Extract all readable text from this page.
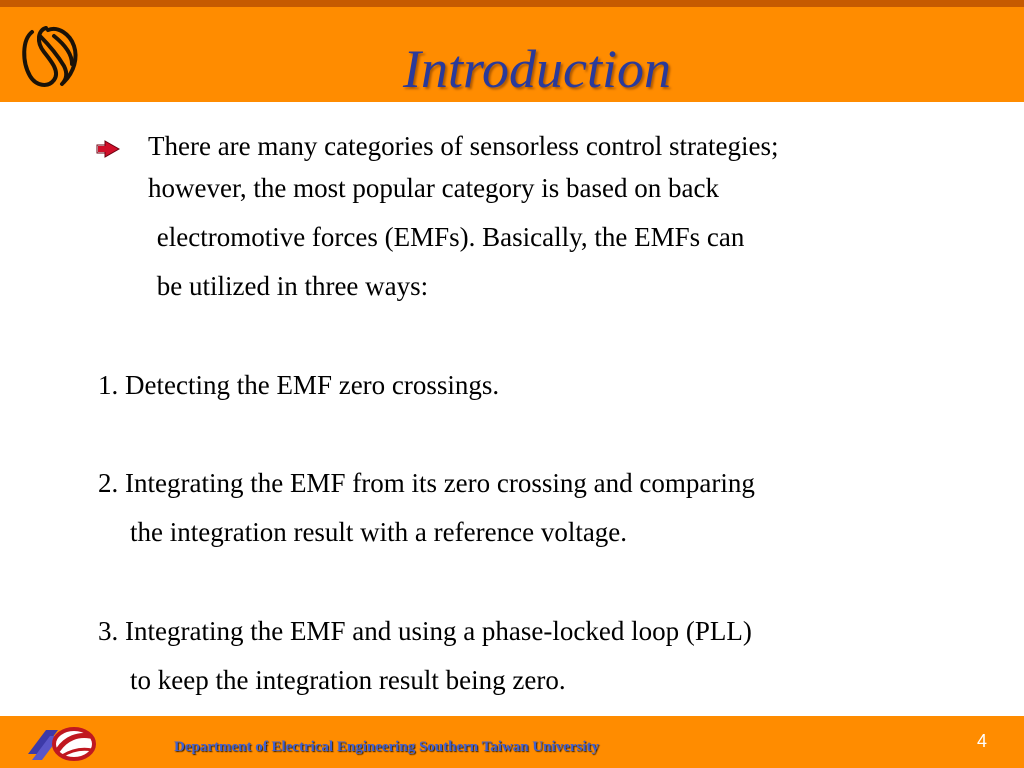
Introduction
There are many categories of sensorless control strategies;
however, the most popular category is based on back
electromotive forces (EMFs). Basically, the EMFs can
be utilized in three ways:
1. Detecting the EMF zero crossings.
2. Integrating the EMF from its zero crossing and comparing
the integration result with a reference voltage.
3. Integrating the EMF and using a phase-locked loop (PLL)
to keep the integration result being zero.
Department of Electrical Engineering Southern Taiwan University	4
